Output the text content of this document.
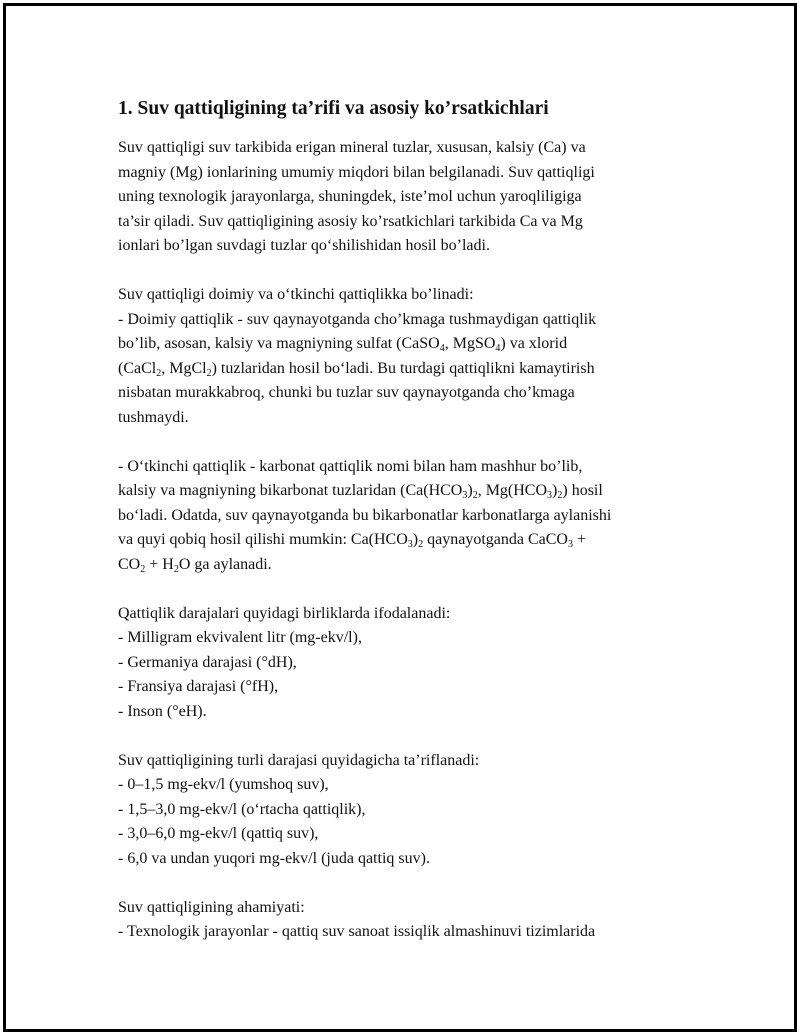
1. Suv qattiqligining ta’rifi va asosiy ko’rsatkichlari

Suv qattiqligi suv tarkibida erigan mineral tuzlar, xususan, kalsiy (Ca) va
magniy (Mg) ionlarining umumiy miqdori bilan belgilanadi. Suv qattiqligi
uning texnologik jarayonlarga, shuningdek, iste’mol uchun yaroqliligiga
ta’sir qiladi. Suv qattiqligining asosiy ko’rsatkichlari tarkibida Ca va Mg
ionlari bo’lgan suvdagi tuzlar qo‘shilishidan hosil bo’ladi.

Suv qattiqligi doimiy va o‘tkinchi qattiqlikka bo’linadi:
- Doimiy qattiqlik - suv qaynayotganda cho’kmaga tushmaydigan qattiqlik
bo’lib, asosan, kalsiy va magniyning sulfat (CaSO$_4$, MgSO$_4$) va xlorid
(CaCl$_2$, MgCl$_2$) tuzlaridan hosil bo‘ladi. Bu turdagi qattiqlikni kamaytirish
nisbatan murakkabroq, chunki bu tuzlar suv qaynayotganda cho’kmaga
tushmaydi.

- O‘tkinchi qattiqlik - karbonat qattiqlik nomi bilan ham mashhur bo’lib,
kalsiy va magniyning bikarbonat tuzlaridan ($Ca(HCO_3)_2$, $Mg(HCO_3)_2$) hosil
bo‘ladi. Odatda, suv qaynayotganda bu bikarbonatlar karbonatlarga aylanishi
va quyi qobiq hosil qilishi mumkin: $Ca(HCO_3)_2$ qaynayotganda CaCO$_3$ +
$CO_2 + H_2O$ ga aylanadi.

Qattiqlik darajalari quyidagi birliklarda ifodalanadi:
- Milligram ekvivalent litr (mg-ekv/l),
- Germaniya darajasi (°dH),
- Fransiya darajasi (°fH),
- Inson (°eH).

Suv qattiqligining turli darajasi quyidagicha ta’riflanadi:
- 0–1,5 mg-ekv/l (yumshoq suv),
- 1,5–3,0 mg-ekv/l (o‘rtacha qattiqlik),
- 3,0–6,0 mg-ekv/l (qattiq suv),
- 6,0 va undan yuqori mg-ekv/l (juda qattiq suv).

Suv qattiqligining ahamiyati:
- Texnologik jarayonlar - qattiq suv sanoat issiqlik almashinuvi tizimlarida
